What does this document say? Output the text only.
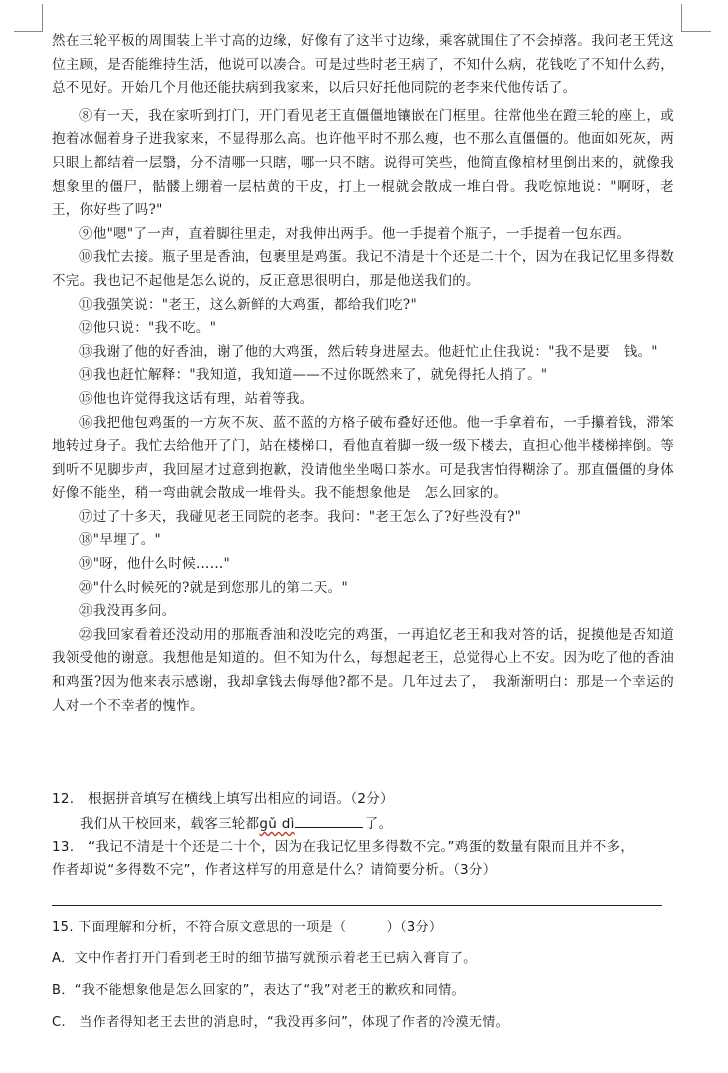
然在三轮平板的周围装上半寸高的边缘，好像有了这半寸边缘，乘客就围住了不会掉落。我问老王凭这位主顾，是否能维持生活，他说可以凑合。可是过些时老王病了，不知什么病，花钱吃了不知什么药，总不见好。开始几个月他还能扶病到我家来，以后只好托他同院的老李来代他传话了。

⑧有一天，我在家听到打门，开门看见老王直僵僵地镶嵌在门框里。往常他坐在蹬三轮的座上，或抱着冰倔着身子进我家来，不显得那么高。也许他平时不那么瘦，也不那么直僵僵的。他面如死灰，两只眼上都结着一层翳，分不清哪一只瞎，哪一只不瞎。说得可笑些，他简直像棺材里倒出来的，就像我想象里的僵尸，骷髅上绷着一层枯黄的干皮，打上一棍就会散成一堆白骨。我吃惊地说："啊呀，老王，你好些了吗?"

⑨他"嗯"了一声，直着脚往里走，对我伸出两手。他一手提着个瓶子，一手提着一包东西。

⑩我忙去接。瓶子里是香油，包裹里是鸡蛋。我记不清是十个还是二十个，因为在我记忆里多得数不完。我也记不起他是怎么说的，反正意思很明白，那是他送我们的。

⑪我强笑说："老王，这么新鲜的大鸡蛋，都给我们吃?"

⑫他只说："我不吃。"

⑬我谢了他的好香油，谢了他的大鸡蛋，然后转身进屋去。他赶忙止住我说："我不是要　钱。"

⑭我也赶忙解释："我知道，我知道——不过你既然来了，就免得托人捎了。"

⑮他也许觉得我这话有理，站着等我。

⑯我把他包鸡蛋的一方灰不灰、蓝不蓝的方格子破布叠好还他。他一手拿着布，一手攥着钱，滞笨地转过身子。我忙去给他开了门，站在楼梯口，看他直着脚一级一级下楼去，直担心他半楼梯摔倒。等到听不见脚步声，我回屋才过意到抱歉，没请他坐坐喝口茶水。可是我害怕得糊涂了。那直僵僵的身体好像不能坐，稍一弯曲就会散成一堆骨头。我不能想象他是　怎么回家的。

⑰过了十多天，我碰见老王同院的老李。我问："老王怎么了?好些没有?"

⑱"早埋了。"

⑲"呀，他什么时候……"

⑳"什么时候死的?就是到您那儿的第二天。"

㉑我没再多问。

㉒我回家看着还没动用的那瓶香油和没吃完的鸡蛋，一再追忆老王和我对答的话，捉摸他是否知道我领受他的谢意。我想他是知道的。但不知为什么，每想起老王，总觉得心上不安。因为吃了他的香油和鸡蛋?因为他来表示感谢，我却拿钱去侮辱他?都不是。几年过去了，　我渐渐明白：那是一个幸运的人对一个不幸者的愧怍。

12.　根据拼音填写在横线上填写出相应的词语。（2分）
我们从干校回来，载客三轮都gǔ dì	了。
13.　“我记不清是十个还是二十个，因为在我记忆里多得数不完。”鸡蛋的数量有限而且并不多，
作者却说“多得数不完”，作者这样写的用意是什么？请简要分析。（3分）
15. 下面理解和分析，不符合原文意思的一项是（　　　）（3分）
A．文中作者打开门看到老王时的细节描写就预示着老王已病入膏肓了。
B．“我不能想象他是怎么回家的”，表达了“我”对老王的歉疚和同情。
C.　当作者得知老王去世的消息时，“我没再多问”，体现了作者的冷漠无情。
